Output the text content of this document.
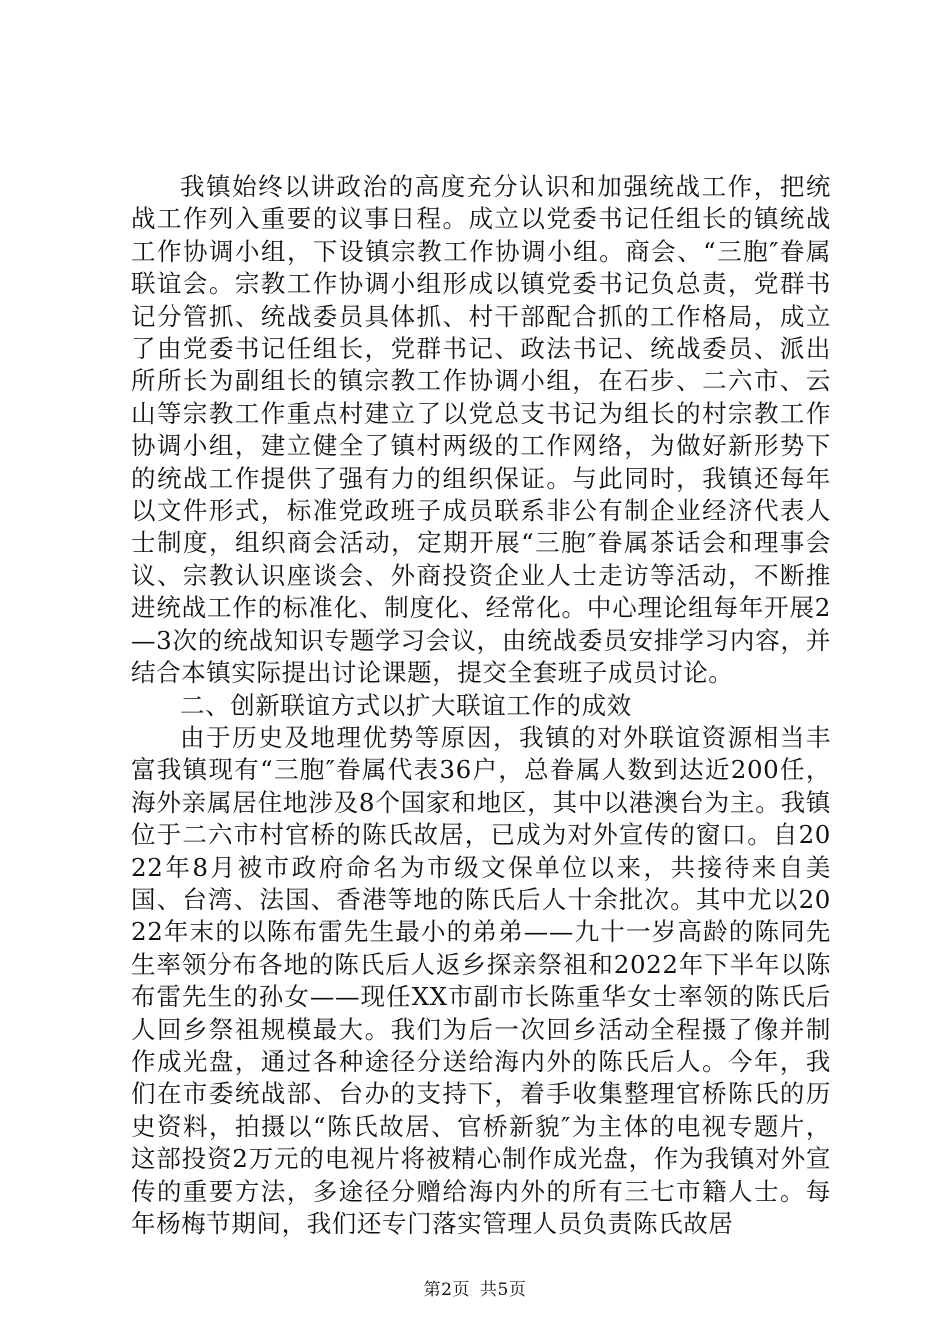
我镇始终以讲政治的高度充分认识和加强统战工作，把统战工作列入重要的议事日程。成立以党委书记任组长的镇统战工作协调小组，下设镇宗教工作协调小组。商会、“三胞″眷属联谊会。宗教工作协调小组形成以镇党委书记负总责，党群书记分管抓、统战委员具体抓、村干部配合抓的工作格局，成立了由党委书记任组长，党群书记、政法书记、统战委员、派出所所长为副组长的镇宗教工作协调小组，在石步、二六市、云山等宗教工作重点村建立了以党总支书记为组长的村宗教工作协调小组，建立健全了镇村两级的工作网络，为做好新形势下的统战工作提供了强有力的组织保证。与此同时，我镇还每年以文件形式，标准党政班子成员联系非公有制企业经济代表人士制度，组织商会活动，定期开展“三胞″眷属茶话会和理事会议、宗教认识座谈会、外商投资企业人士走访等活动，不断推进统战工作的标准化、制度化、经常化。中心理论组每年开展2—3次的统战知识专题学习会议，由统战委员安排学习内容，并结合本镇实际提出讨论课题，提交全套班子成员讨论。

二、创新联谊方式以扩大联谊工作的成效

由于历史及地理优势等原因，我镇的对外联谊资源相当丰富我镇现有“三胞″眷属代表36户，总眷属人数到达近200任，海外亲属居住地涉及8个国家和地区，其中以港澳台为主。我镇位于二六市村官桥的陈氏故居，已成为对外宣传的窗口。自2022年8月被市政府命名为市级文保单位以来，共接待来自美国、台湾、法国、香港等地的陈氏后人十余批次。其中尤以2022年末的以陈布雷先生最小的弟弟——九十一岁高龄的陈同先生率领分布各地的陈氏后人返乡探亲祭祖和2022年下半年以陈布雷先生的孙女——现任XX市副市长陈重华女士率领的陈氏后人回乡祭祖规模最大。我们为后一次回乡活动全程摄了像并制作成光盘，通过各种途径分送给海内外的陈氏后人。今年，我们在市委统战部、台办的支持下，着手收集整理官桥陈氏的历史资料，拍摄以“陈氏故居、官桥新貌″为主体的电视专题片，这部投资2万元的电视片将被精心制作成光盘，作为我镇对外宣传的重要方法，多途径分赠给海内外的所有三七市籍人士。每年杨梅节期间，我们还专门落实管理人员负责陈氏故居

第2页 共5页
